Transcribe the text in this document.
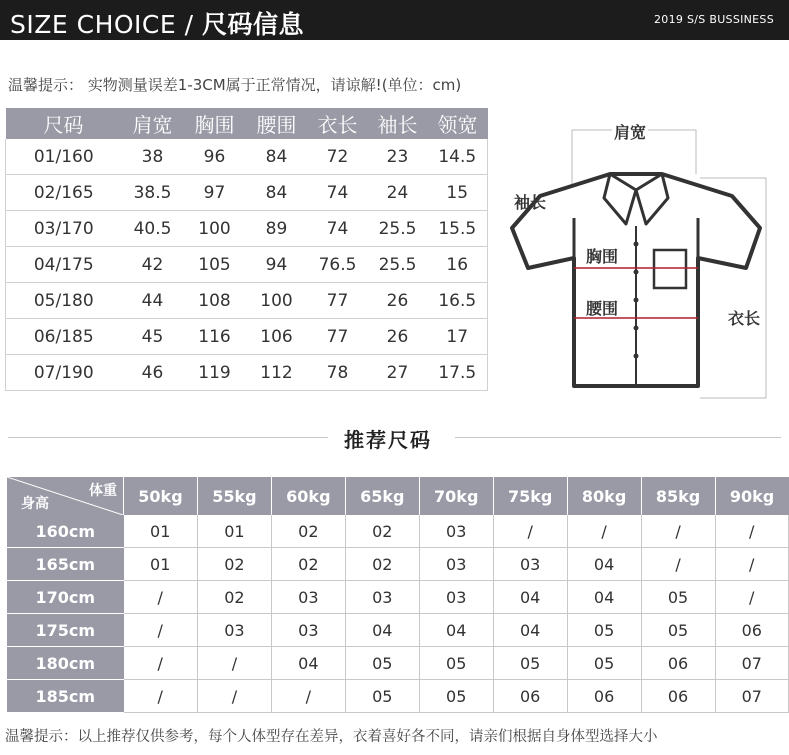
SIZE CHOICE / 尺码信息	2019 S/S BUSSINESS
温馨提示： 实物测量误差1-3CM属于正常情况，请谅解!(单位：cm)
尺码	肩宽	胸围	腰围	衣长	袖长	领宽
01/160	38	96	84	72	23	14.5
02/165	38.5	97	84	74	24	15
03/170	40.5	100	89	74	25.5	15.5
04/175	42	105	94	76.5	25.5	16
05/180	44	108	100	77	26	16.5
06/185	45	116	106	77	26	17
07/190	46	119	112	78	27	17.5
肩宽
袖长
胸围
腰围
衣长
推荐尺码
体重
身高	50kg	55kg	60kg	65kg	70kg	75kg	80kg	85kg	90kg
160cm	01	01	02	02	03	/	/	/	/
165cm	01	02	02	02	03	03	04	/	/
170cm	/	02	03	03	03	04	04	05	/
175cm	/	03	03	04	04	04	05	05	06
180cm	/	/	04	05	05	05	05	06	07
185cm	/	/	/	05	05	06	06	06	07
温馨提示：以上推荐仅供参考，每个人体型存在差异，衣着喜好各不同，请亲们根据自身体型选择大小
